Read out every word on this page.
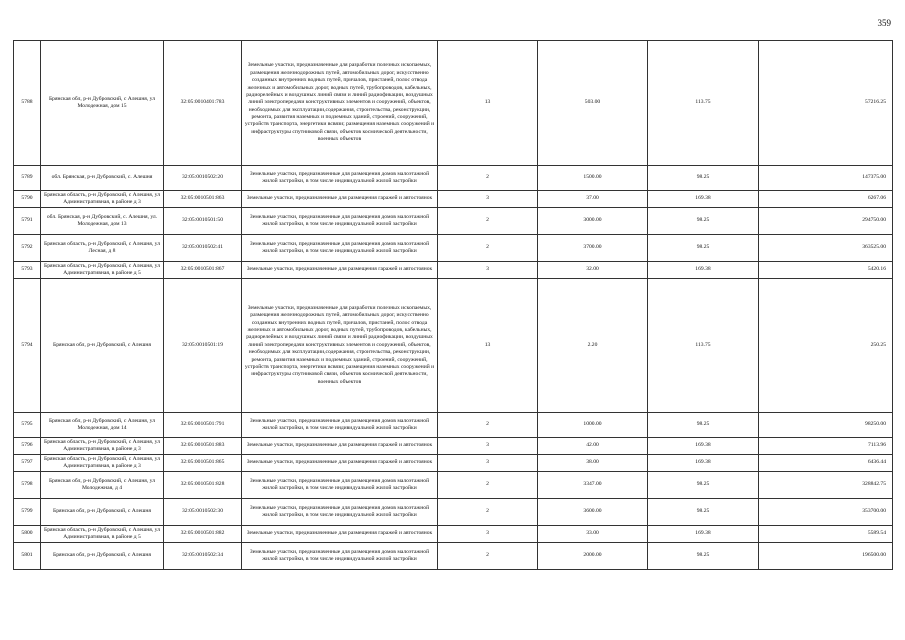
359
5788	Брянская обл, р-н Дубровский, с Алешня, ул Молодежная, дом 15	32:05:0010401:783	Земельные участки, предназначенные для разработки полезных ископаемых, размещения железнодорожных путей, автомобильных дорог, искусственно созданных внутренних водных путей, причалов, пристаней, полос отвода железных и автомобильных дорог, водных путей, трубопроводов, кабельных, радиорелейных и воздушных линий связи и линий радиофикации, воздушных линий электропередачи конструктивных элементов и сооружений, объектов, необходимых для эксплуатации,содержания, строительства, реконструкции, ремонта, развития наземных и подземных зданий, строений, сооружений, устройств транспорта, энергетики всвязи; размещения наземных сооружений и инфраструктуры спутниковой связи, объектов космической деятельности, военных объектов	13	503.00	113.75	57216.25
5789	обл. Брянская, р-н Дубровский, с. Алешня	32:05:0010502:20	Земельные участки, предназначенные для размещения домов малоэтажной жилой застройки, в том числе индивидуальной жилой застройки	2	1500.00	98.25	147375.00
5790	Брянская область, р-н Дубровский, с Алешня, ул Административная, в районе д 3	32:05:0010501:863	Земельные участки, предназначенные для размещения гаражей и автостоянок	3	37.00	169.38	6267.06
5791	обл. Брянская, р-н Дубровский, с. Алешня, ул. Молодежная, дом 13	32:05:0010501:50	Земельные участки, предназначенные для размещения домов малоэтажной жилой застройки, в том числе индивидуальной жилой застройки	2	3000.00	98.25	294750.00
5792	Брянская область, р-н Дубровский, с Алешня, ул Лесная, д 8	32:05:0010502:41	Земельные участки, предназначенные для размещения домов малоэтажной жилой застройки, в том числе индивидуальной жилой застройки	2	3700.00	98.25	363525.00
5793	Брянская область, р-н Дубровский, с Алешня, ул Административная, в районе д 5	32:05:0010501:867	Земельные участки, предназначенные для размещения гаражей и автостоянок	3	32.00	169.38	5420.16
5794	Брянская обл, р-н Дубровский, с Алешня	32:05:0010501:19	Земельные участки, предназначенные для разработки полезных ископаемых, размещения железнодорожных путей, автомобильных дорог, искусственно созданных внутренних водных путей, причалов, пристаней, полос отвода железных и автомобильных дорог, водных путей, трубопроводов, кабельных, радиорелейных и воздушных линий связи и линий радиофикации, воздушных линий электропередачи конструктивных элементов и сооружений, объектов, необходимых для эксплуатации,содержания, строительства, реконструкции, ремонта, развития наземных и подземных зданий, строений, сооружений, устройств транспорта, энергетики всвязи; размещения наземных сооружений и инфраструктуры спутниковой связи, объектов космической деятельности, военных объектов	13	2.20	113.75	250.25
5795	Брянская обл, р-н Дубровский, с Алешня, ул Молодежная, дом 14	32:05:0010501:791	Земельные участки, предназначенные для размещения домов малоэтажной жилой застройки, в том числе индивидуальной жилой застройки	2	1000.00	98.25	98250.00
5796	Брянская область, р-н Дубровский, с Алешня, ул Административная, в районе д 3	32:05:0010501:883	Земельные участки, предназначенные для размещения гаражей и автостоянок	3	42.00	169.38	7113.96
5797	Брянская область, р-н Дубровский, с Алешня, ул Административная, в районе д 3	32:05:0010501:865	Земельные участки, предназначенные для размещения гаражей и автостоянок	3	38.00	169.38	6436.44
5798	Брянская обл, р-н Дубровский, с Алешня, ул Молодежная, д 4	32:05:0010501:828	Земельные участки, предназначенные для размещения домов малоэтажной жилой застройки, в том числе индивидуальной жилой застройки	2	3347.00	98.25	328842.75
5799	Брянская обл, р-н Дубровский, с Алешня	32:05:0010502:30	Земельные участки, предназначенные для размещения домов малоэтажной жилой застройки, в том числе индивидуальной жилой застройки	2	3600.00	98.25	353700.00
5800	Брянская область, р-н Дубровский, с Алешня, ул Административная, в районе д 5	32:05:0010501:882	Земельные участки, предназначенные для размещения гаражей и автостоянок	3	33.00	169.38	5589.54
5801	Брянская обл, р-н Дубровский, с Алешня	32:05:0010502:34	Земельные участки, предназначенные для размещения домов малоэтажной жилой застройки, в том числе индивидуальной жилой застройки	2	2000.00	98.25	196500.00
